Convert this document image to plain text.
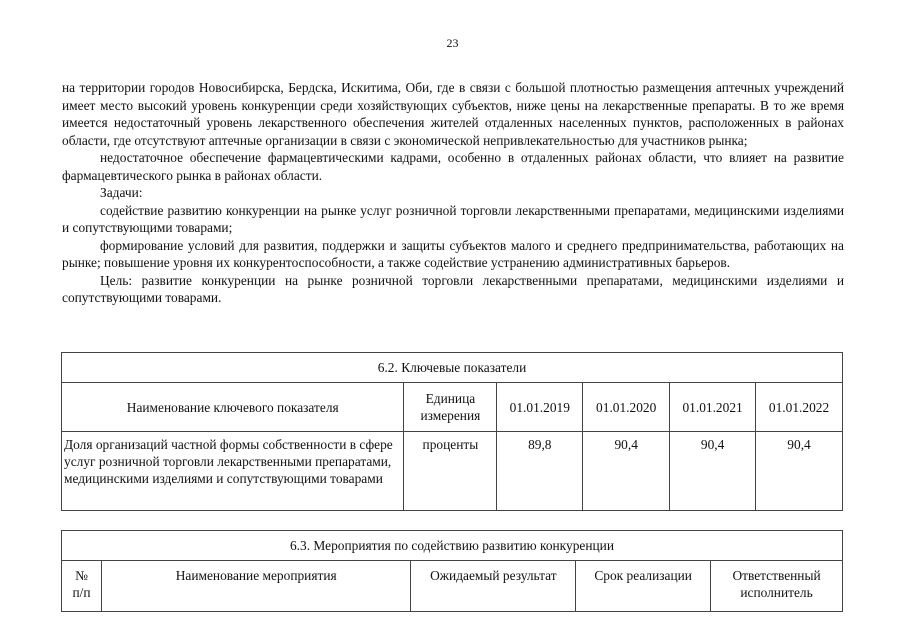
23

на территории городов Новосибирска, Бердска, Искитима, Оби, где в связи с большой плотностью размещения аптечных учреждений имеет место высокий уровень конкуренции среди хозяйствующих субъектов, ниже цены на лекарственные препараты. В то же время имеется недостаточный уровень лекарственного обеспечения жителей отдаленных населенных пунктов, расположенных в районах области, где отсутствуют аптечные организации в связи с экономической непривлекательностью для участников рынка;

недостаточное обеспечение фармацевтическими кадрами, особенно в отдаленных районах области, что влияет на развитие фармацевтического рынка в районах области.

Задачи:

содействие развитию конкуренции на рынке услуг розничной торговли лекарственными препаратами, медицинскими изделиями и сопутствующими товарами;

формирование условий для развития, поддержки и защиты субъектов малого и среднего предпринимательства, работающих на рынке; повышение уровня их конкурентоспособности, а также содействие устранению административных барьеров.

Цель: развитие конкуренции на рынке розничной торговли лекарственными препаратами, медицинскими изделиями и сопутствующими товарами.

6.2. Ключевые показатели					
Наименование ключевого показателя	Единица измерения	01.01.2019	01.01.2020	01.01.2021	01.01.2022
Доля организаций частной формы собственности в сфере услуг розничной торговли лекарственными препаратами, медицинскими изделиями и сопутствующими товарами	проценты	89,8	90,4	90,4	90,4
6.3. Мероприятия по содействию развитию конкуренции
№ п/п	Наименование мероприятия	Ожидаемый результат	Срок реализации	Ответственный исполнитель
